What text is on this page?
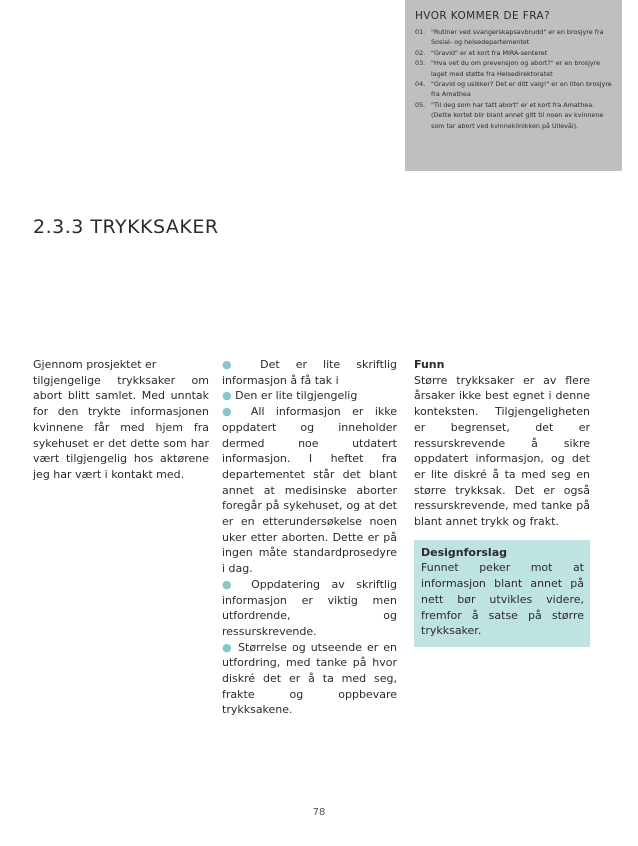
HVOR KOMMER DE FRA?
01. "Rutiner ved svangerskapsavbrudd" er en brosjyre fra Sosial- og helsedepartementet
02. "Gravid" er et kort fra MIRA-senteret
03. "Hva vet du om prevensjon og abort?" er en brosjyre laget med støtte fra Helsedirektoratet
04. "Gravid og usikker? Det er ditt valg!" er en liten brosjyre fra Amathea
05. "Til deg som har tatt abort" er et kort fra Amathea. (Dette kortet blir blant annet gitt til noen av kvinnene som tar abort ved kvinneklinikken på Ullevål).
2.3.3 TRYKKSAKER

Gjennom prosjektet er

tilgjengelige trykksaker om abort blitt samlet. Med unntak for den trykte informasjonen kvinnene får med hjem fra sykehuset er det dette som har vært tilgjengelig hos aktørene jeg har vært i kontakt med.

● Det er lite skriftlig informasjon å få tak i

● Den er lite tilgjengelig

● All informasjon er ikke oppdatert og inneholder dermed noe utdatert informasjon. I heftet fra departementet står det blant annet at medisinske aborter foregår på sykehuset, og at det er en etterundersøkelse noen uker etter aborten. Dette er på ingen måte standardprosedyre i dag.

● Oppdatering av skriftlig informasjon er viktig men utfordrende, og ressurskrevende.

● Størrelse og utseende er en utfordring, med tanke på hvor diskré det er å ta med seg, frakte og oppbevare trykksakene.

Funn

Større trykksaker er av flere årsaker ikke best egnet i denne konteksten. Tilgjengeligheten er begrenset, det er ressurskrevende å sikre oppdatert informasjon, og det er lite diskré å ta med seg en større trykksak. Det er også ressurskrevende, med tanke på blant annet trykk og frakt.

Designforslag

Funnet peker mot at informasjon blant annet på nett bør utvikles videre, fremfor å satse på større trykksaker.

78
